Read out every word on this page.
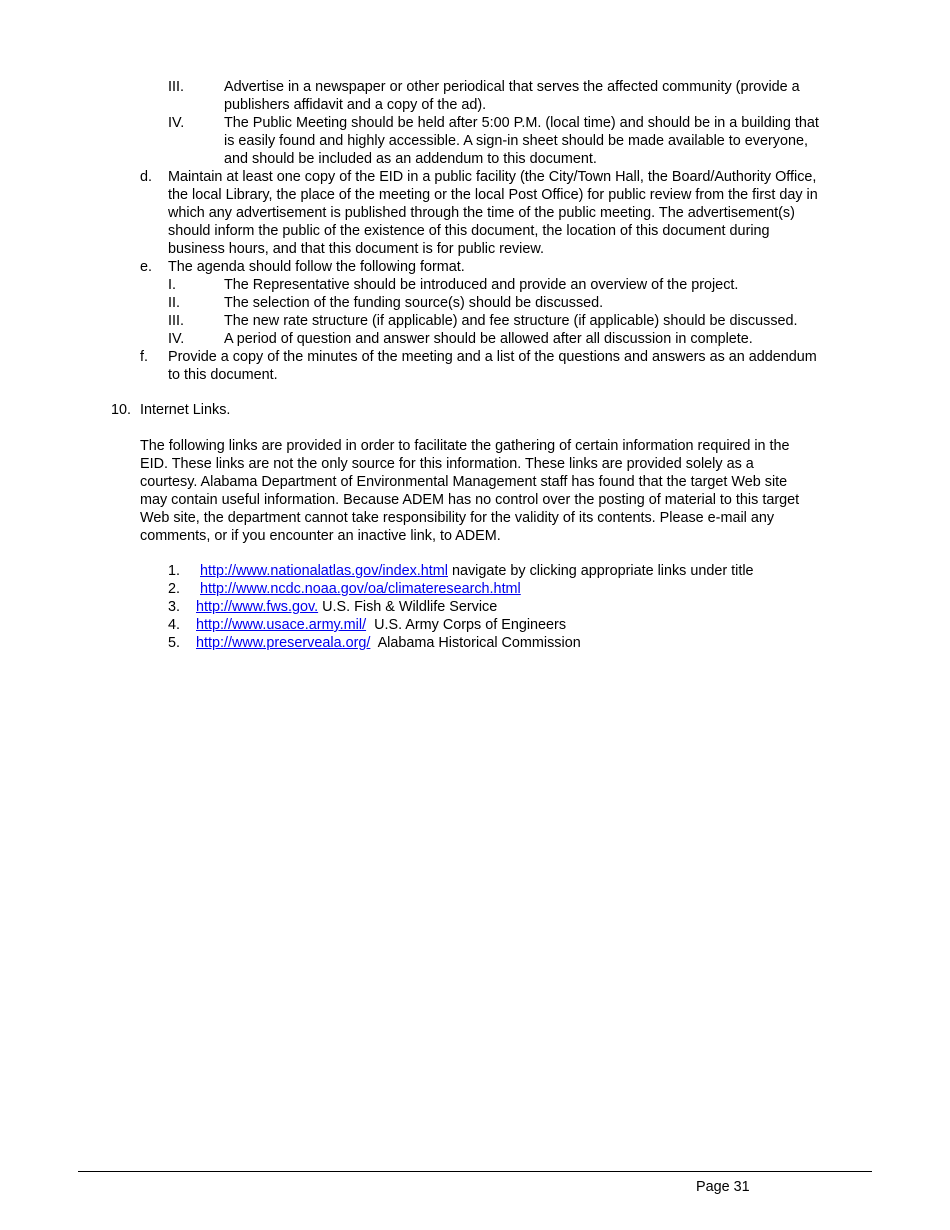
III.	Advertise in a newspaper or other periodical that serves the affected community (provide a
publishers affidavit and a copy of the ad).
IV.	The Public Meeting should be held after 5:00 P.M. (local time) and should be in a building that
is easily found and highly accessible. A sign-in sheet should be made available to everyone,
and should be included as an addendum to this document.
d. Maintain at least one copy of the EID in a public facility (the City/Town Hall, the Board/Authority Office,
the local Library, the place of the meeting or the local Post Office) for public review from the first day in
which any advertisement is published through the time of the public meeting. The advertisement(s)
should inform the public of the existence of this document, the location of this document during
business hours, and that this document is for public review.
e. The agenda should follow the following format.
I.	The Representative should be introduced and provide an overview of the project.
II.	The selection of the funding source(s) should be discussed.
III.	The new rate structure (if applicable) and fee structure (if applicable) should be discussed.
IV.	A period of question and answer should be allowed after all discussion in complete.
f. Provide a copy of the minutes of the meeting and a list of the questions and answers as an addendum
to this document.
10. Internet Links.
The following links are provided in order to facilitate the gathering of certain information required in the
EID. These links are not the only source for this information. These links are provided solely as a
courtesy. Alabama Department of Environmental Management staff has found that the target Web site
may contain useful information. Because ADEM has no control over the posting of material to this target
Web site, the department cannot take responsibility for the validity of its contents. Please e-mail any
comments, or if you encounter an inactive link, to ADEM.
1. http://www.nationalatlas.gov/index.html navigate by clicking appropriate links under title
2. http://www.ncdc.noaa.gov/oa/climateresearch.html
3. http://www.fws.gov. U.S. Fish & Wildlife Service
4. http://www.usace.army.mil/  U.S. Army Corps of Engineers
5. http://www.preserveala.org/  Alabama Historical Commission
Page 31
